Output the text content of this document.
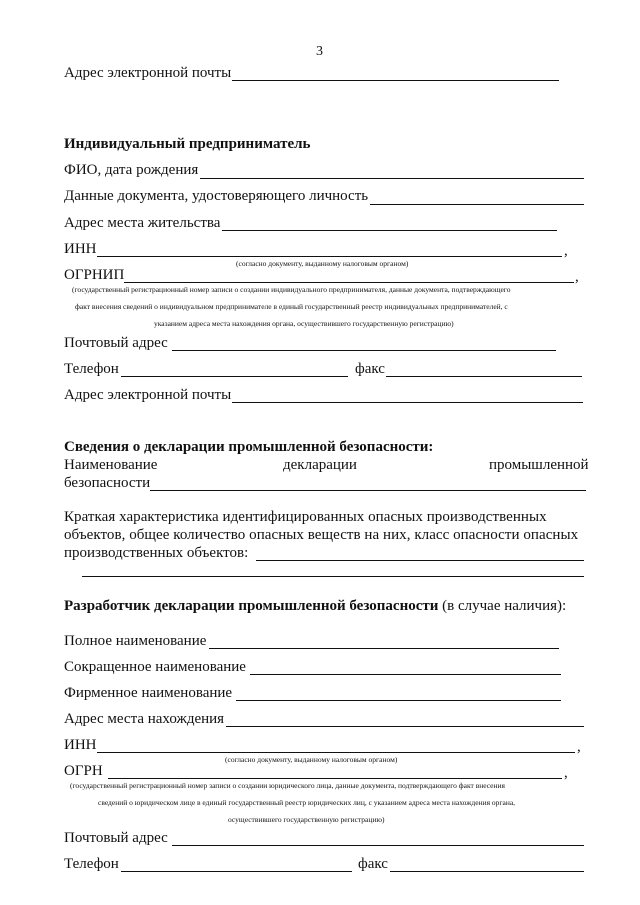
3
Адрес электронной почты
Индивидуальный предприниматель
ФИО, дата рождения
Данные документа, удостоверяющего личность
Адрес места жительства
ИНН	,
(согласно документу, выданному налоговым органом)
ОГРНИП	,
(государственный регистрационный номер записи о создании индивидуального предпринимателя, данные документа, подтверждающего
факт внесения сведений о индивидуальном предпринимателе в единый государственный реестр индивидуальных предпринимателей, с
указанием адреса места нахождения органа, осуществившего государственную регистрацию)
Почтовый адрес
Телефон	факс
Адрес электронной почты
Сведения о декларации промышленной безопасности:
Наименование	декларации	промышленной
безопасности
Краткая характеристика идентифицированных опасных производственных
объектов, общее количество опасных веществ на них, класс опасности опасных
производственных объектов:
Разработчик декларации промышленной безопасности (в случае наличия):
Полное наименование
Сокращенное наименование
Фирменное наименование
Адрес места нахождения
ИНН	,
(согласно документу, выданному налоговым органом)
ОГРН	,
(государственный регистрационный номер записи о создании юридического лица, данные документа, подтверждающего факт внесения
сведений о юридическом лице в единый государственный реестр юридических лиц, с указанием адреса места нахождения органа,
осуществившего государственную регистрацию)
Почтовый адрес
Телефон	факс
